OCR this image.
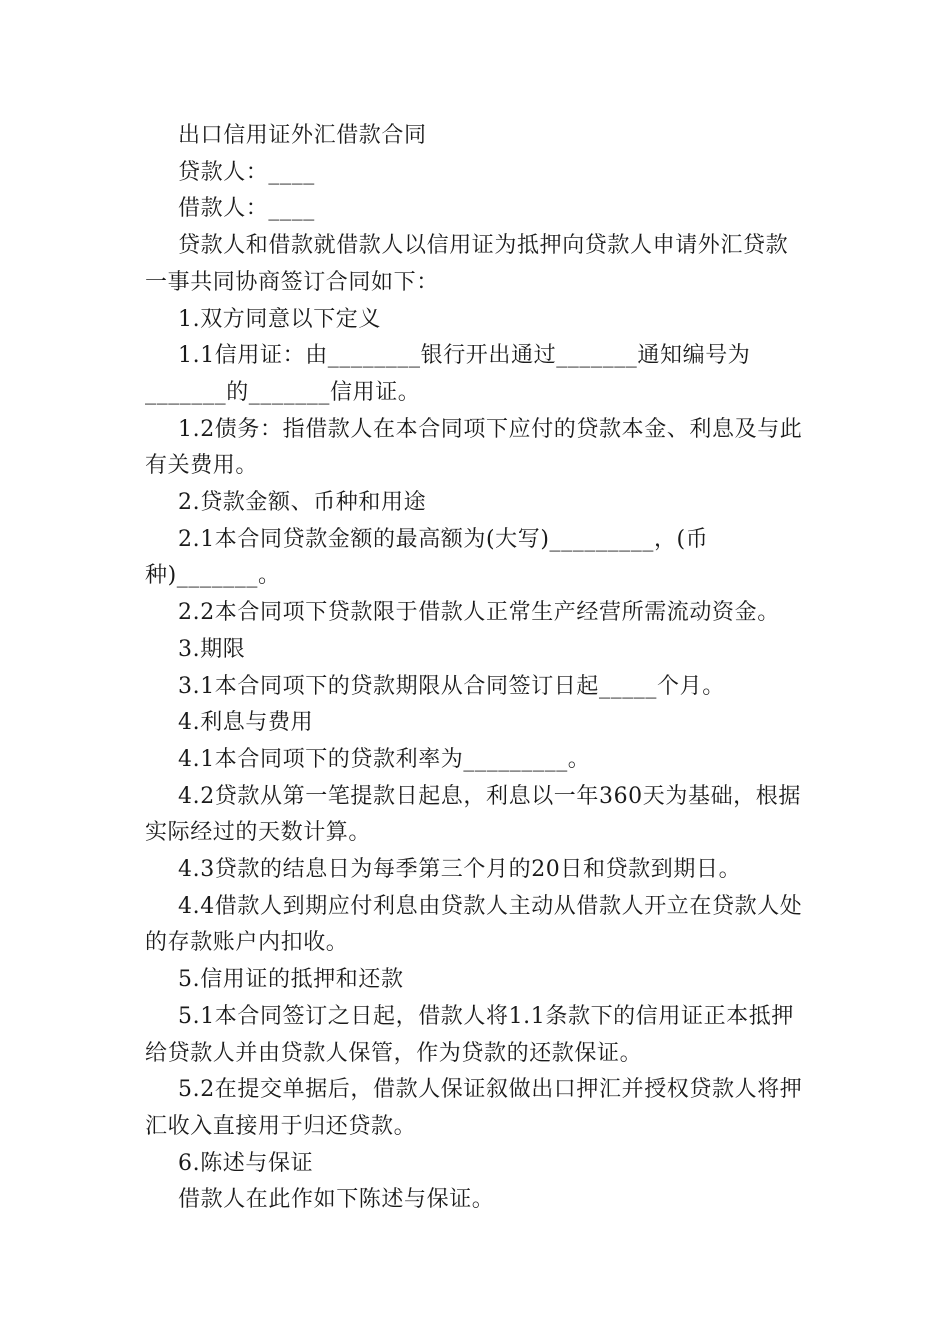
出口信用证外汇借款合同

贷款人：____

借款人：____

贷款人和借款就借款人以信用证为抵押向贷款人申请外汇贷款一事共同协商签订合同如下：

1.双方同意以下定义

1.1信用证：由________银行开出通过_______通知编号为_______的_______信用证。

1.2债务：指借款人在本合同项下应付的贷款本金、利息及与此有关费用。

2.贷款金额、币种和用途

2.1本合同贷款金额的最高额为(大写)_________，(币种)_______。

2.2本合同项下贷款限于借款人正常生产经营所需流动资金。

3.期限

3.1本合同项下的贷款期限从合同签订日起_____个月。

4.利息与费用

4.1本合同项下的贷款利率为_________。

4.2贷款从第一笔提款日起息，利息以一年360天为基础，根据实际经过的天数计算。

4.3贷款的结息日为每季第三个月的20日和贷款到期日。

4.4借款人到期应付利息由贷款人主动从借款人开立在贷款人处的存款账户内扣收。

5.信用证的抵押和还款

5.1本合同签订之日起，借款人将1.1条款下的信用证正本抵押给贷款人并由贷款人保管，作为贷款的还款保证。

5.2在提交单据后，借款人保证叙做出口押汇并授权贷款人将押汇收入直接用于归还贷款。

6.陈述与保证

借款人在此作如下陈述与保证。
